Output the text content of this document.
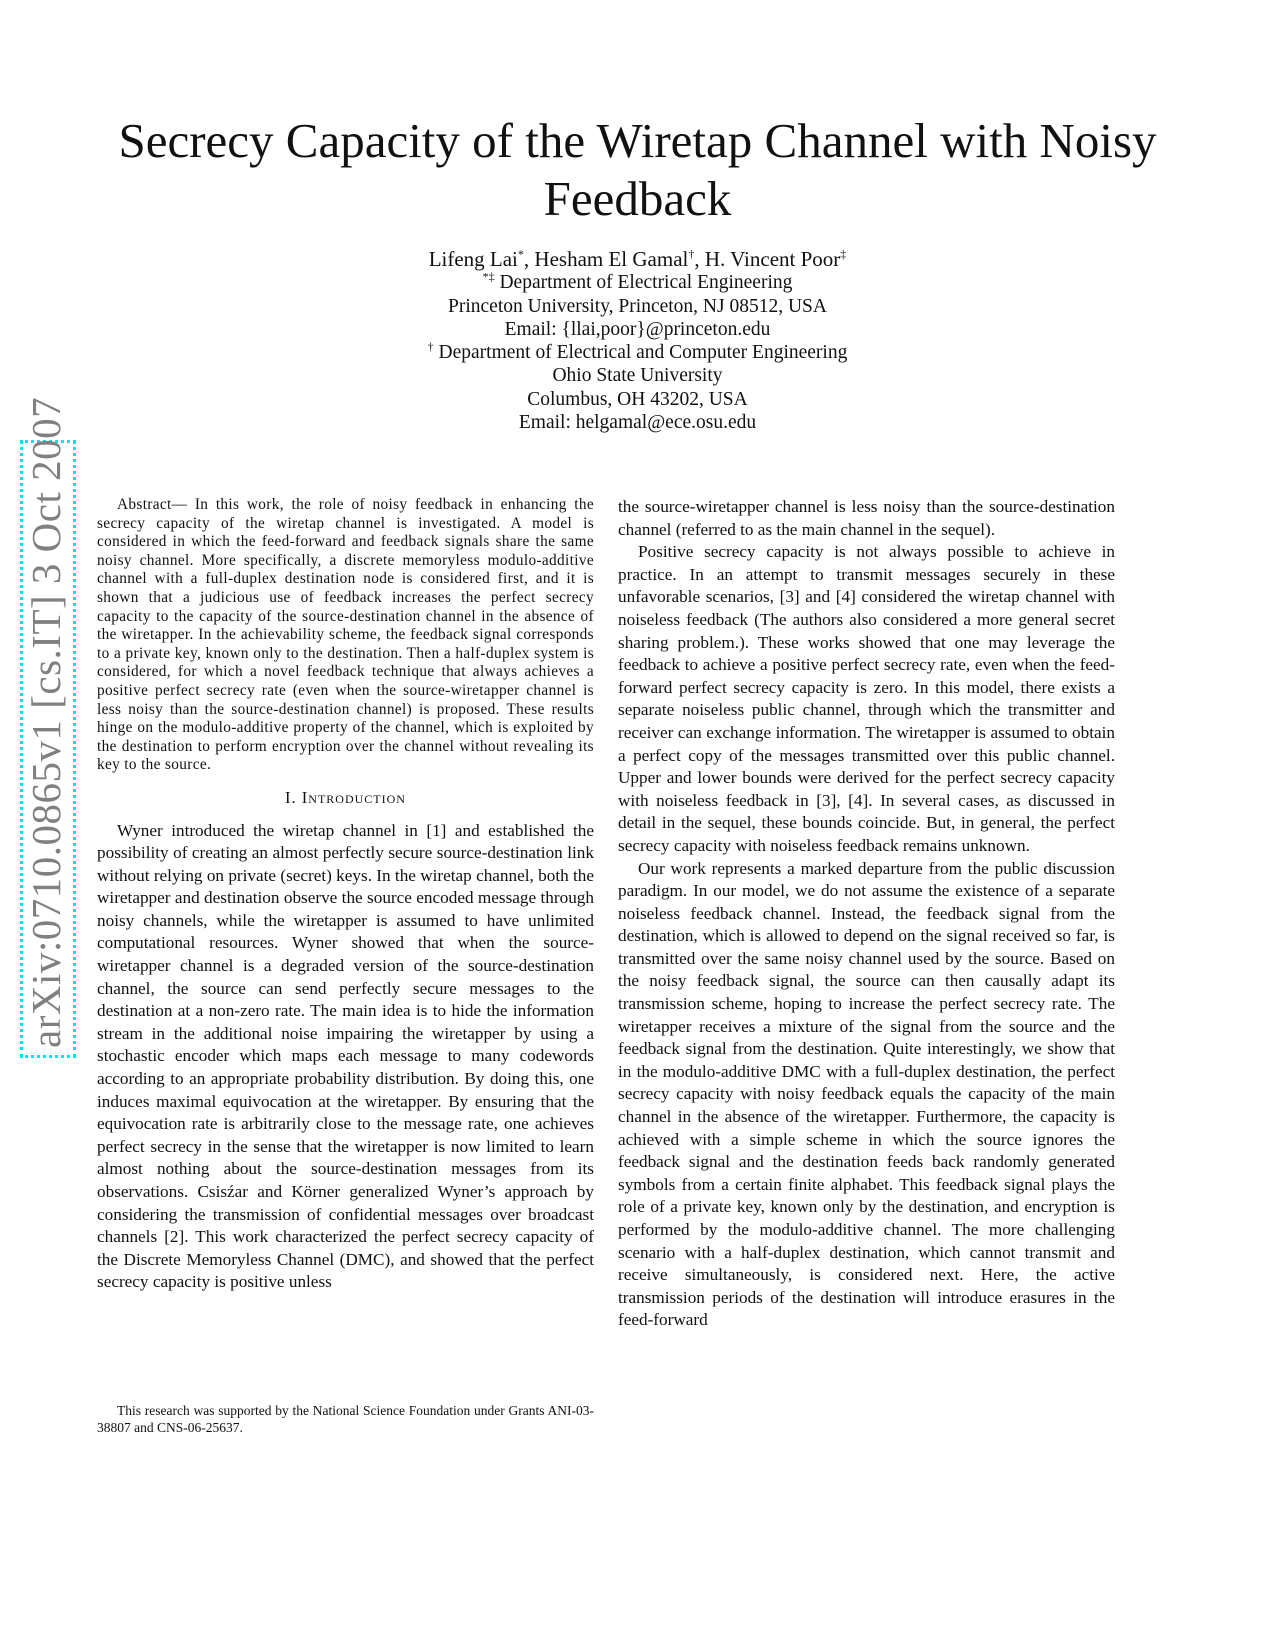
Secrecy Capacity of the Wiretap Channel with Noisy Feedback
Lifeng Lai*, Hesham El Gamal†, H. Vincent Poor‡
*‡ Department of Electrical Engineering
Princeton University, Princeton, NJ 08512, USA
Email: {llai,poor}@princeton.edu
† Department of Electrical and Computer Engineering
Ohio State University
Columbus, OH 43202, USA
Email: helgamal@ece.osu.edu
arXiv:0710.0865v1 [cs.IT] 3 Oct 2007	Abstract— In this work, the role of noisy feedback in enhancing the secrecy capacity of the wiretap channel is investigated. A model is considered in which the feed-forward and feedback signals share the same noisy channel. More specifically, a discrete memoryless modulo-additive channel with a full-duplex destination node is considered first, and it is shown that a judicious use of feedback increases the perfect secrecy capacity to the capacity of the source-destination channel in the absence of the wiretapper. In the achievability scheme, the feedback signal corresponds to a private key, known only to the destination. Then a half-duplex system is considered, for which a novel feedback technique that always achieves a positive perfect secrecy rate (even when the source-wiretapper channel is less noisy than the source-destination channel) is proposed. These results hinge on the modulo-additive property of the channel, which is exploited by the destination to perform encryption over the channel without revealing its key to the source.

I. Introduction

Wyner introduced the wiretap channel in [1] and established the possibility of creating an almost perfectly secure source-destination link without relying on private (secret) keys. In the wiretap channel, both the wiretapper and destination observe the source encoded message through noisy channels, while the wiretapper is assumed to have unlimited computational resources. Wyner showed that when the source-wiretapper channel is a degraded version of the source-destination channel, the source can send perfectly secure messages to the destination at a non-zero rate. The main idea is to hide the information stream in the additional noise impairing the wiretapper by using a stochastic encoder which maps each message to many codewords according to an appropriate probability distribution. By doing this, one induces maximal equivocation at the wiretapper. By ensuring that the equivocation rate is arbitrarily close to the message rate, one achieves perfect secrecy in the sense that the wiretapper is now limited to learn almost nothing about the source-destination messages from its observations. Csisźar and Körner generalized Wyner’s approach by considering the transmission of confidential messages over broadcast channels [2]. This work characterized the perfect secrecy capacity of the Discrete Memoryless Channel (DMC), and showed that the perfect secrecy capacity is positive unless

the source-wiretapper channel is less noisy than the source-destination channel (referred to as the main channel in the sequel).

Positive secrecy capacity is not always possible to achieve in practice. In an attempt to transmit messages securely in these unfavorable scenarios, [3] and [4] considered the wiretap channel with noiseless feedback (The authors also considered a more general secret sharing problem.). These works showed that one may leverage the feedback to achieve a positive perfect secrecy rate, even when the feed-forward perfect secrecy capacity is zero. In this model, there exists a separate noiseless public channel, through which the transmitter and receiver can exchange information. The wiretapper is assumed to obtain a perfect copy of the messages transmitted over this public channel. Upper and lower bounds were derived for the perfect secrecy capacity with noiseless feedback in [3], [4]. In several cases, as discussed in detail in the sequel, these bounds coincide. But, in general, the perfect secrecy capacity with noiseless feedback remains unknown.

Our work represents a marked departure from the public discussion paradigm. In our model, we do not assume the existence of a separate noiseless feedback channel. Instead, the feedback signal from the destination, which is allowed to depend on the signal received so far, is transmitted over the same noisy channel used by the source. Based on the noisy feedback signal, the source can then causally adapt its transmission scheme, hoping to increase the perfect secrecy rate. The wiretapper receives a mixture of the signal from the source and the feedback signal from the destination. Quite interestingly, we show that in the modulo-additive DMC with a full-duplex destination, the perfect secrecy capacity with noisy feedback equals the capacity of the main channel in the absence of the wiretapper. Furthermore, the capacity is achieved with a simple scheme in which the source ignores the feedback signal and the destination feeds back randomly generated symbols from a certain finite alphabet. This feedback signal plays the role of a private key, known only by the destination, and encryption is performed by the modulo-additive channel. The more challenging scenario with a half-duplex destination, which cannot transmit and receive simultaneously, is considered next. Here, the active transmission periods of the destination will introduce erasures in the feed-forward

This research was supported by the National Science Foundation under Grants ANI-03-38807 and CNS-06-25637.
